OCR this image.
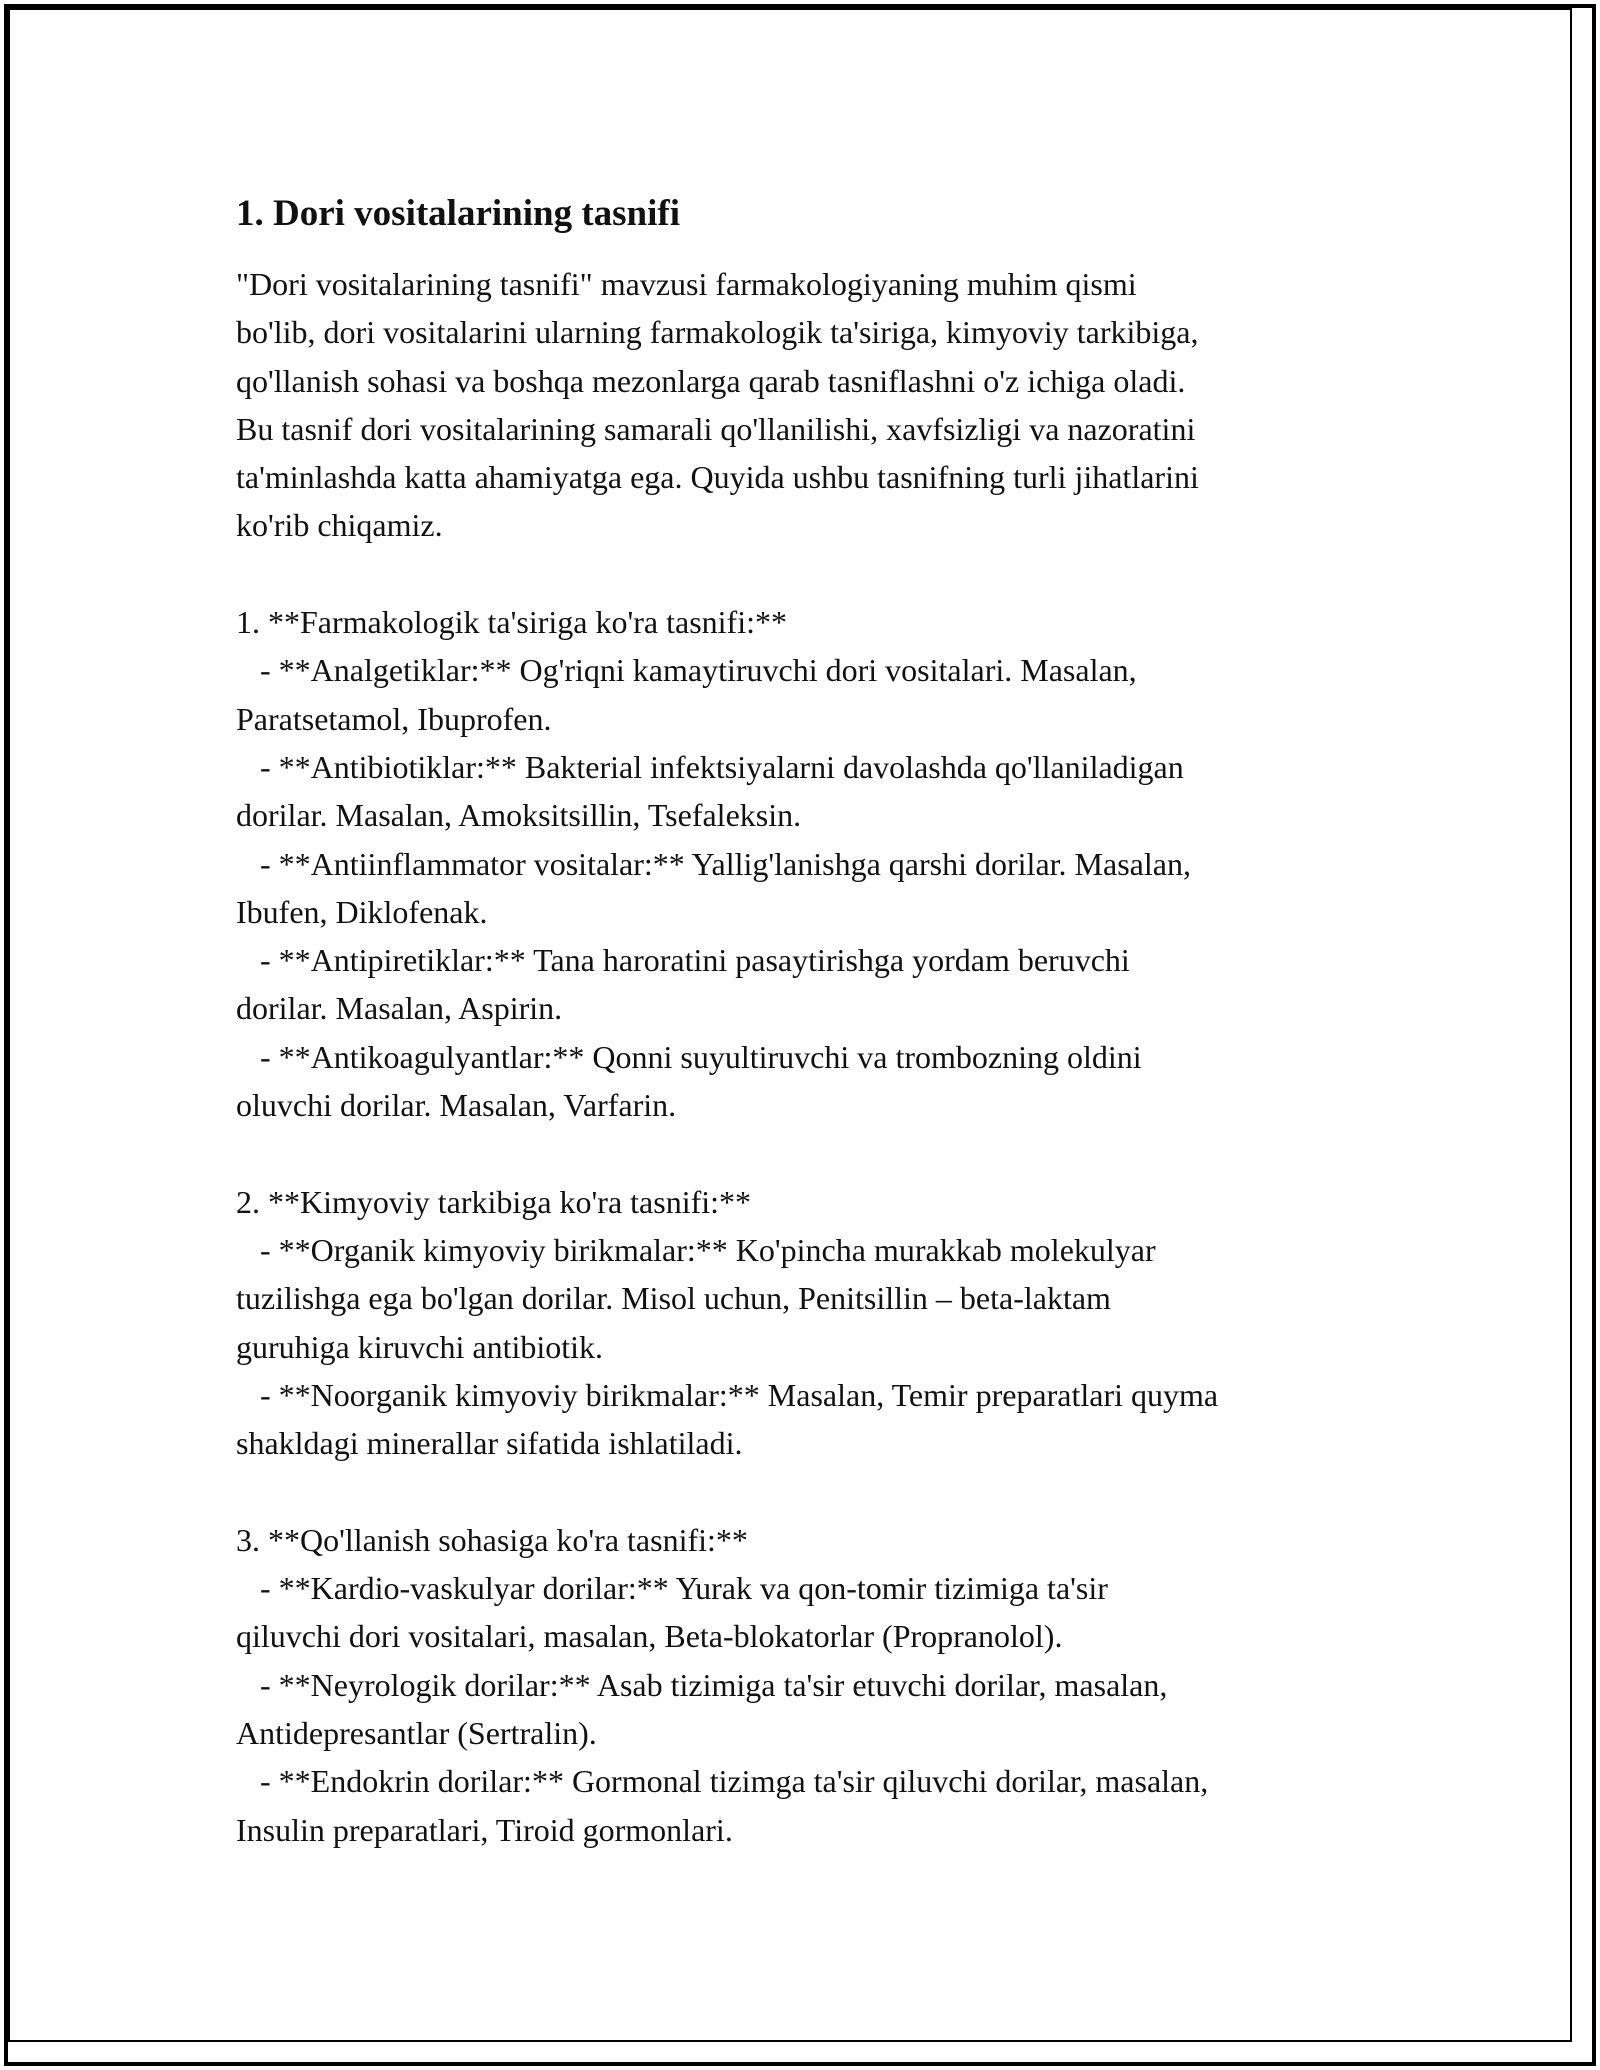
1. Dori vositalarining tasnifi
"Dori vositalarining tasnifi" mavzusi farmakologiyaning muhim qismi
bo'lib, dori vositalarini ularning farmakologik ta'siriga, kimyoviy tarkibiga,
qo'llanish sohasi va boshqa mezonlarga qarab tasniflashni o'z ichiga oladi.
Bu tasnif dori vositalarining samarali qo'llanilishi, xavfsizligi va nazoratini
ta'minlashda katta ahamiyatga ega. Quyida ushbu tasnifning turli jihatlarini
ko'rib chiqamiz.
1. **Farmakologik ta'siriga ko'ra tasnifi:**
- **Analgetiklar:** Og'riqni kamaytiruvchi dori vositalari. Masalan,
Paratsetamol, Ibuprofen.
- **Antibiotiklar:** Bakterial infektsiyalarni davolashda qo'llaniladigan
dorilar. Masalan, Amoksitsillin, Tsefaleksin.
- **Antiinflammator vositalar:** Yallig'lanishga qarshi dorilar. Masalan,
Ibufen, Diklofenak.
- **Antipiretiklar:** Tana haroratini pasaytirishga yordam beruvchi
dorilar. Masalan, Aspirin.
- **Antikoagulyantlar:** Qonni suyultiruvchi va trombozning oldini
oluvchi dorilar. Masalan, Varfarin.
2. **Kimyoviy tarkibiga ko'ra tasnifi:**
- **Organik kimyoviy birikmalar:** Ko'pincha murakkab molekulyar
tuzilishga ega bo'lgan dorilar. Misol uchun, Penitsillin – beta-laktam
guruhiga kiruvchi antibiotik.
- **Noorganik kimyoviy birikmalar:** Masalan, Temir preparatlari quyma
shakldagi minerallar sifatida ishlatiladi.
3. **Qo'llanish sohasiga ko'ra tasnifi:**
- **Kardio-vaskulyar dorilar:** Yurak va qon-tomir tizimiga ta'sir
qiluvchi dori vositalari, masalan, Beta-blokatorlar (Propranolol).
- **Neyrologik dorilar:** Asab tizimiga ta'sir etuvchi dorilar, masalan,
Antidepresantlar (Sertralin).
- **Endokrin dorilar:** Gormonal tizimga ta'sir qiluvchi dorilar, masalan,
Insulin preparatlari, Tiroid gormonlari.
